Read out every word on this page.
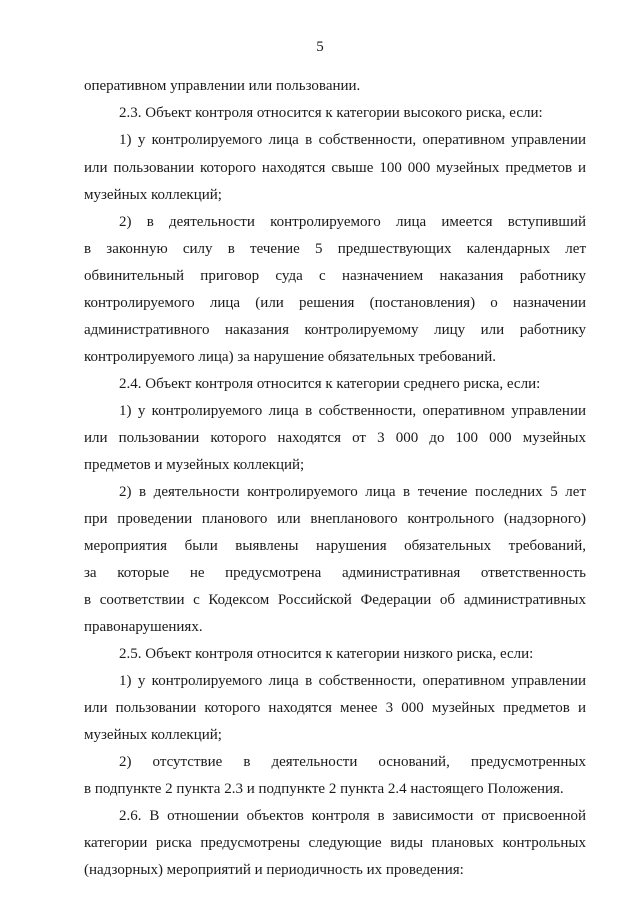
5
оперативном управлении или пользовании.
2.3. Объект контроля относится к категории высокого риска, если:
1) у контролируемого лица в собственности, оперативном управлении
или пользовании которого находятся свыше 100 000 музейных предметов и
музейных коллекций;
2) в деятельности контролируемого лица имеется вступивший
в законную силу в течение 5 предшествующих календарных лет
обвинительный приговор суда с назначением наказания работнику
контролируемого лица (или решения (постановления) о назначении
административного наказания контролируемому лицу или работнику
контролируемого лица) за нарушение обязательных требований.
2.4. Объект контроля относится к категории среднего риска, если:
1) у контролируемого лица в собственности, оперативном управлении
или пользовании которого находятся от 3 000 до 100 000 музейных
предметов и музейных коллекций;
2) в деятельности контролируемого лица в течение последних 5 лет
при проведении планового или внепланового контрольного (надзорного)
мероприятия были выявлены нарушения обязательных требований,
за которые не предусмотрена административная ответственность
в соответствии с Кодексом Российской Федерации об административных
правонарушениях.
2.5. Объект контроля относится к категории низкого риска, если:
1) у контролируемого лица в собственности, оперативном управлении
или пользовании которого находятся менее 3 000 музейных предметов и
музейных коллекций;
2) отсутствие в деятельности оснований, предусмотренных
в подпункте 2 пункта 2.3 и подпункте 2 пункта 2.4 настоящего Положения.
2.6. В отношении объектов контроля в зависимости от присвоенной
категории риска предусмотрены следующие виды плановых контрольных
(надзорных) мероприятий и периодичность их проведения:
